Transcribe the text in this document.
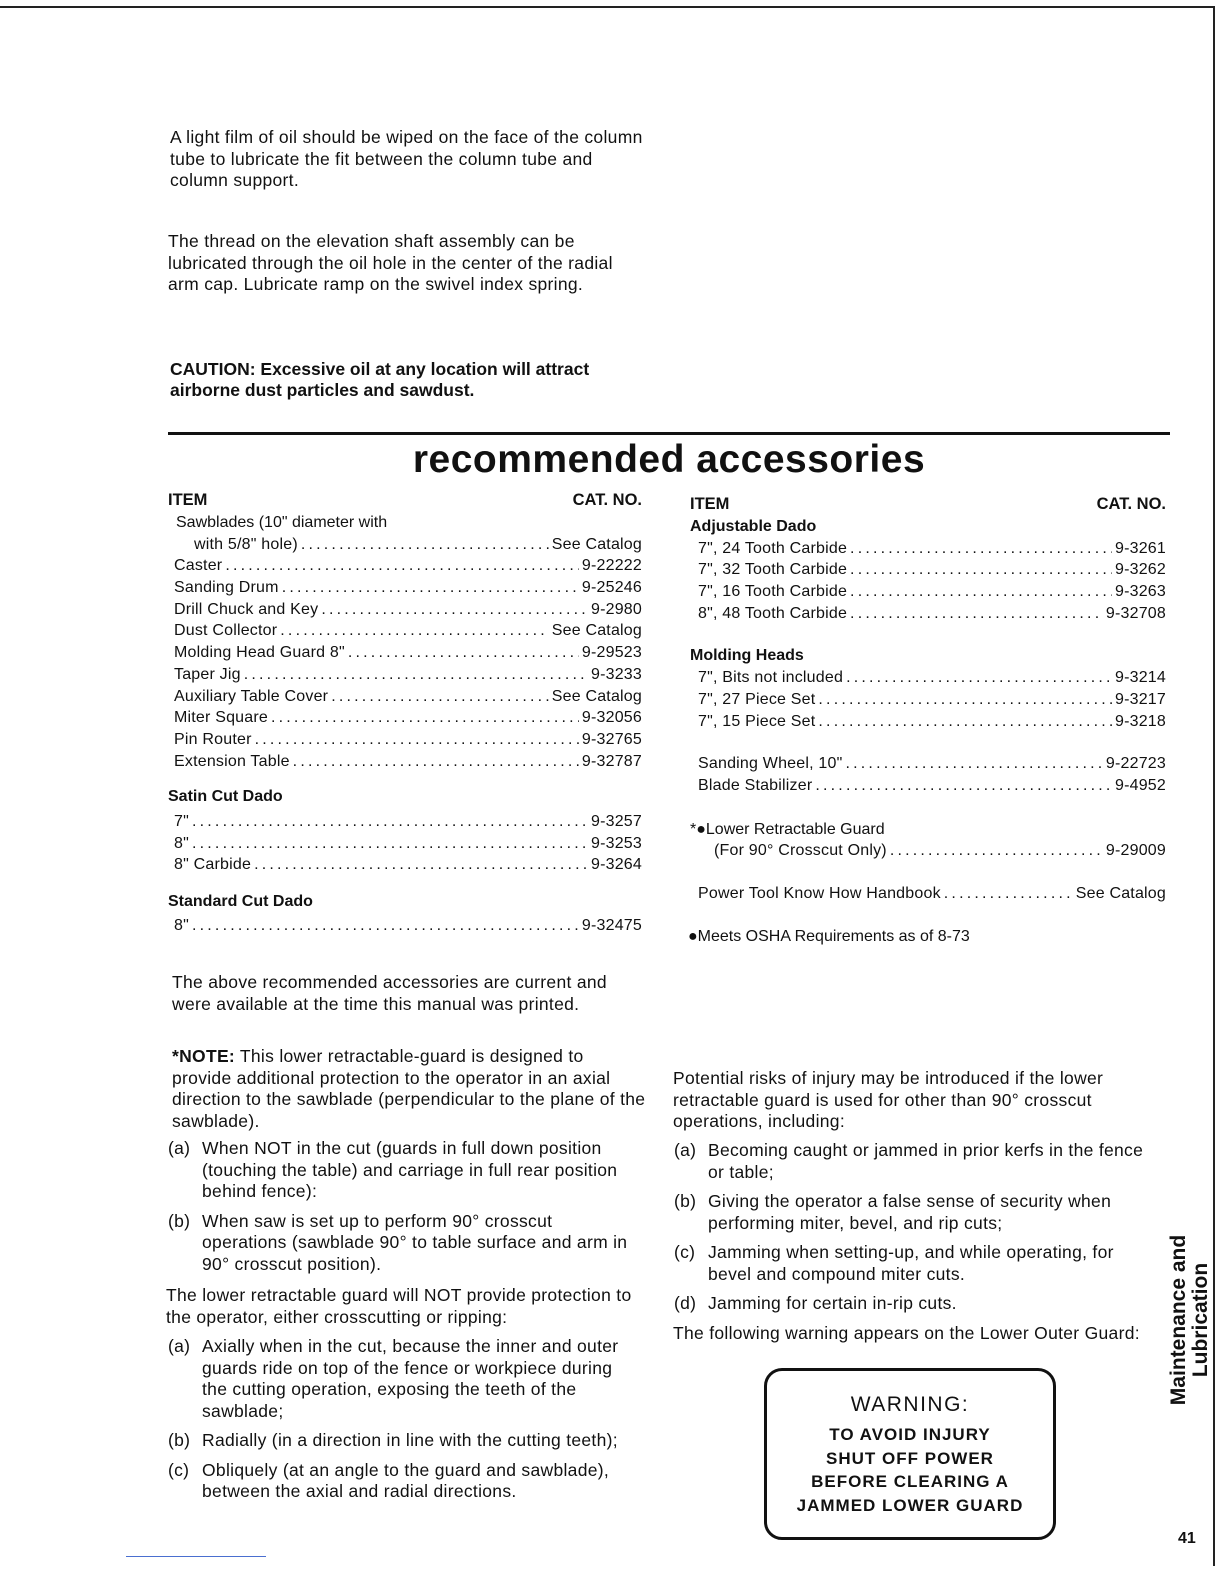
A light film of oil should be wiped on the face of the column tube to lubricate the fit between the column tube and column support.
The thread on the elevation shaft assembly can be lubricated through the oil hole in the center of the radial arm cap. Lubricate ramp on the swivel index spring.
CAUTION: Excessive oil at any location will attract airborne dust particles and sawdust.
recommended accessories
ITEM	CAT. NO.
Sawblades (10" diameter with
with 5/8" hole) .....	See Catalog
Caster .....	9-22222
Sanding Drum .....	9-25246
Drill Chuck and Key .....	9-2980
Dust Collector .....	See Catalog
Molding Head Guard 8" .....	9-29523
Taper Jig .....	9-3233
Auxiliary Table Cover .....	See Catalog
Miter Square .....	9-32056
Pin Router .....	9-32765
Extension Table .....	9-32787
Satin Cut Dado
7" .....	9-3257
8" .....	9-3253
8" Carbide .....	9-3264
Standard Cut Dado
8" .....	9-32475
ITEM	CAT. NO.
Adjustable Dado
7", 24 Tooth Carbide .....	9-3261
7", 32 Tooth Carbide .....	9-3262
7", 16 Tooth Carbide .....	9-3263
8", 48 Tooth Carbide .....	9-32708
Molding Heads
7", Bits not included .....	9-3214
7", 27 Piece Set .....	9-3217
7", 15 Piece Set .....	9-3218
Sanding Wheel, 10" .....	9-22723
Blade Stabilizer .....	9-4952
*●Lower Retractable Guard
(For 90° Crosscut Only) .....	9-29009
Power Tool Know How Handbook .....	See Catalog
●Meets OSHA Requirements as of 8-73
The above recommended accessories are current and were available at the time this manual was printed.
*NOTE: This lower retractable-guard is designed to provide additional protection to the operator in an axial direction to the sawblade (perpendicular to the plane of the sawblade).
(a) When NOT in the cut (guards in full down position (touching the table) and carriage in full rear position behind fence):
(b) When saw is set up to perform 90° crosscut operations (sawblade 90° to table surface and arm in 90° crosscut position).
The lower retractable guard will NOT provide protection to the operator, either crosscutting or ripping:
(a) Axially when in the cut, because the inner and outer guards ride on top of the fence or workpiece during the cutting operation, exposing the teeth of the sawblade;
(b) Radially (in a direction in line with the cutting teeth);
(c) Obliquely (at an angle to the guard and sawblade), between the axial and radial directions.
Potential risks of injury may be introduced if the lower retractable guard is used for other than 90° crosscut operations, including:
(a) Becoming caught or jammed in prior kerfs in the fence or table;
(b) Giving the operator a false sense of security when performing miter, bevel, and rip cuts;
(c) Jamming when setting-up, and while operating, for bevel and compound miter cuts.
(d) Jamming for certain in-rip cuts.
The following warning appears on the Lower Outer Guard:
WARNING:
TO AVOID INJURY
SHUT OFF POWER
BEFORE CLEARING A
JAMMED LOWER GUARD
Maintenance and Lubrication
41
